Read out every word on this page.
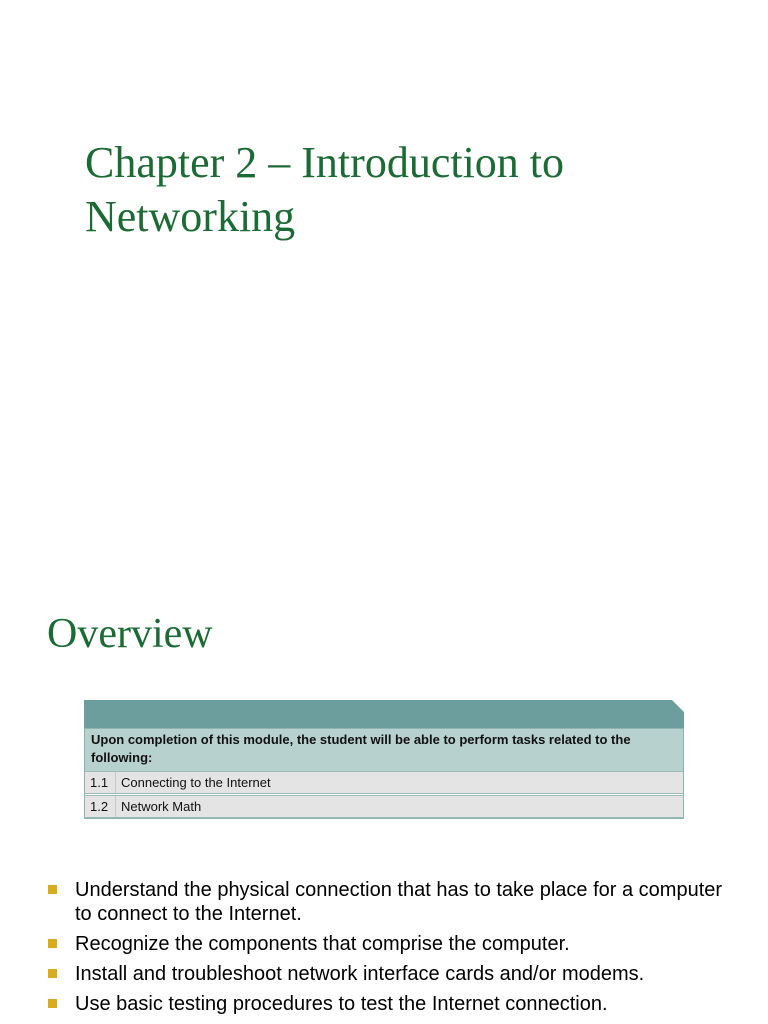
Chapter 2 – Introduction to Networking
Overview
Upon completion of this module, the student will be able to perform tasks related to the following:
1.1 Connecting to the Internet
1.2 Network Math
Understand the physical connection that has to take place for a computer to connect to the Internet.
Recognize the components that comprise the computer.
Install and troubleshoot network interface cards and/or modems.
Use basic testing procedures to test the Internet connection.
